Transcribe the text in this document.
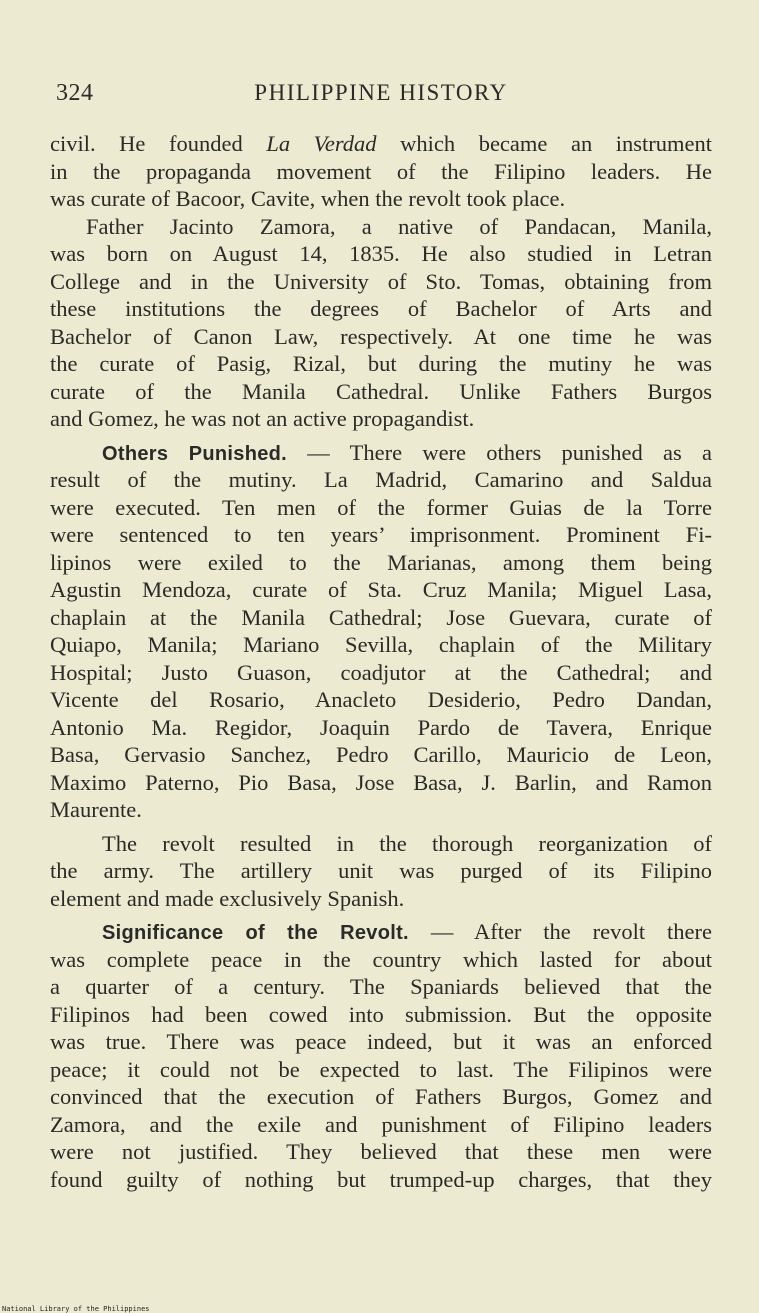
324	PHILIPPINE HISTORY
civil. He founded La Verdad which became an instrument
in the propaganda movement of the Filipino leaders. He
was curate of Bacoor, Cavite, when the revolt took place.
Father Jacinto Zamora, a native of Pandacan, Manila,
was born on August 14, 1835. He also studied in Letran
College and in the University of Sto. Tomas, obtaining from
these institutions the degrees of Bachelor of Arts and
Bachelor of Canon Law, respectively. At one time he was
the curate of Pasig, Rizal, but during the mutiny he was
curate of the Manila Cathedral. Unlike Fathers Burgos
and Gomez, he was not an active propagandist.
Others Punished. — There were others punished as a
result of the mutiny. La Madrid, Camarino and Saldua
were executed. Ten men of the former Guias de la Torre
were sentenced to ten years’ imprisonment. Prominent Fi-
lipinos were exiled to the Marianas, among them being
Agustin Mendoza, curate of Sta. Cruz Manila; Miguel Lasa,
chaplain at the Manila Cathedral; Jose Guevara, curate of
Quiapo, Manila; Mariano Sevilla, chaplain of the Military
Hospital; Justo Guason, coadjutor at the Cathedral; and
Vicente del Rosario, Anacleto Desiderio, Pedro Dandan,
Antonio Ma. Regidor, Joaquin Pardo de Tavera, Enrique
Basa, Gervasio Sanchez, Pedro Carillo, Mauricio de Leon,
Maximo Paterno, Pio Basa, Jose Basa, J. Barlin, and Ramon
Maurente.
The revolt resulted in the thorough reorganization of
the army. The artillery unit was purged of its Filipino
element and made exclusively Spanish.
Significance of the Revolt. — After the revolt there
was complete peace in the country which lasted for about
a quarter of a century. The Spaniards believed that the
Filipinos had been cowed into submission. But the opposite
was true. There was peace indeed, but it was an enforced
peace; it could not be expected to last. The Filipinos were
convinced that the execution of Fathers Burgos, Gomez and
Zamora, and the exile and punishment of Filipino leaders
were not justified. They believed that these men were
found guilty of nothing but trumped-up charges, that they
National Library of the Philippines
